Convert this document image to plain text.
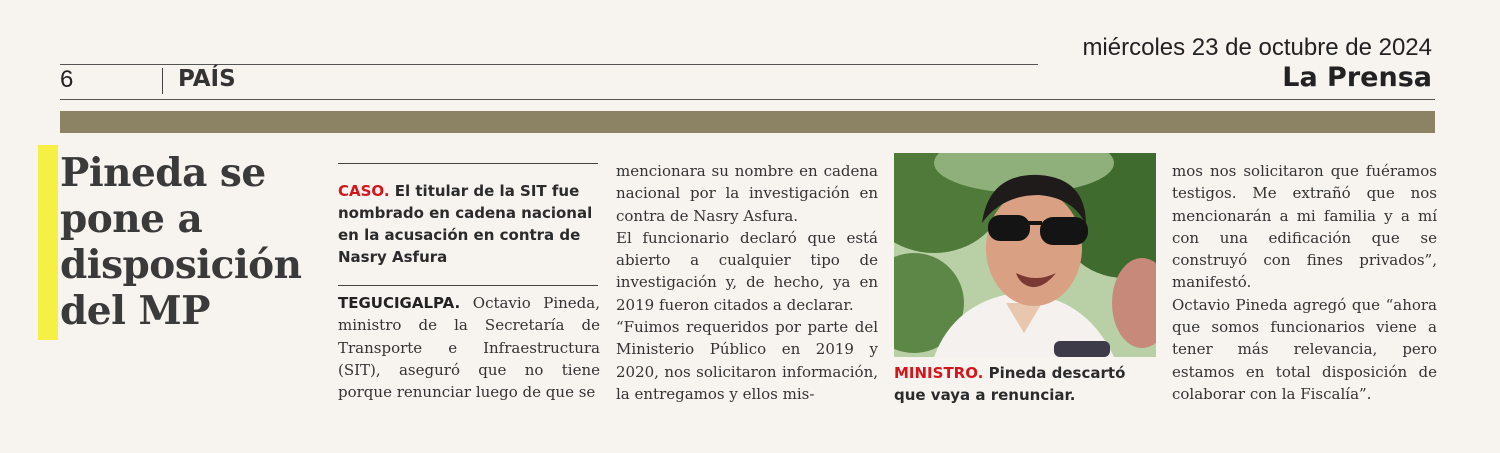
6	PAÍS
miércoles 23 de octubre de 2024
La Prensa
Pineda se pone a disposición del MP
CASO. El titular de la SIT fue nombrado en cadena nacional en la acusación en contra de Nasry Asfura

TEGUCIGALPA. Octavio Pineda, ministro de la Secretaría de Transporte e Infraestructura (SIT), aseguró que no tiene porque renunciar luego de que se

mencionara su nombre en cadena nacional por la investigación en contra de Nasry Asfura.

El funcionario declaró que está abierto a cualquier tipo de investigación y, de hecho, ya en 2019 fueron citados a declarar.

“Fuimos requeridos por parte del Ministerio Público en 2019 y 2020, nos solicitaron información, la entregamos y ellos mis-

MINISTRO. Pineda descartó que vaya a renunciar.

mos nos solicitaron que fuéramos testigos. Me extrañó que nos mencionarán a mi familia y a mí con una edificación que se construyó con fines privados”, manifestó.

Octavio Pineda agregó que “ahora que somos funcionarios viene a tener más relevancia, pero estamos en total disposición de colaborar con la Fiscalía”.
